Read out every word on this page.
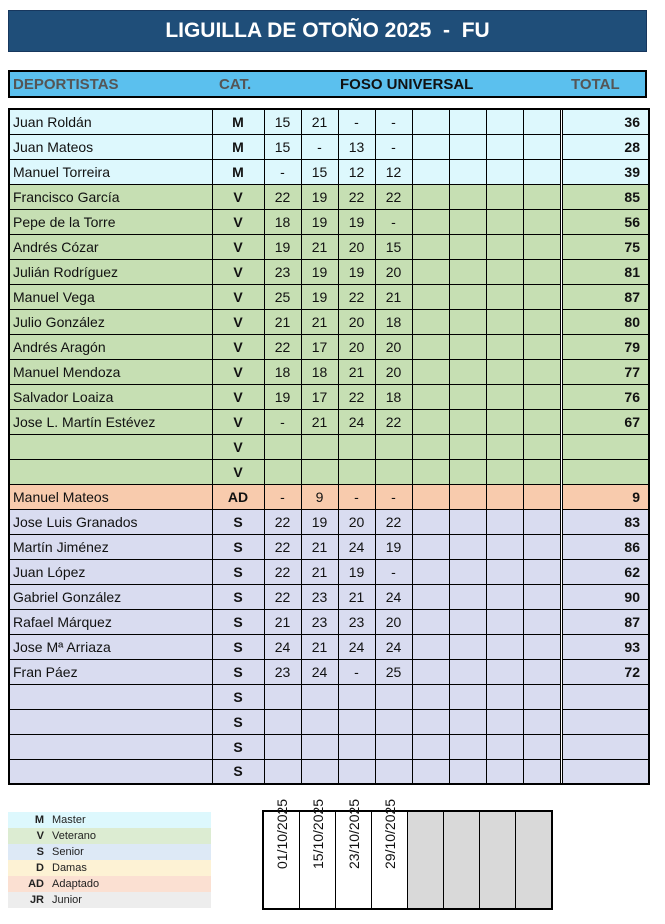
LIGUILLA DE OTOÑO 2025  -  FU
DEPORTISTAS	CAT.	FOSO UNIVERSAL	TOTAL
Juan Roldán	M	15	21	-	-						36
Juan Mateos	M	15	-	13	-						28
Manuel Torreira	M	-	15	12	12						39
Francisco García	V	22	19	22	22						85
Pepe de la Torre	V	18	19	19	-						56
Andrés Cózar	V	19	21	20	15						75
Julián Rodríguez	V	23	19	19	20						81
Manuel Vega	V	25	19	22	21						87
Julio González	V	21	21	20	18						80
Andrés Aragón	V	22	17	20	20						79
Manuel Mendoza	V	18	18	21	20						77
Salvador Loaiza	V	19	17	22	18						76
Jose L. Martín Estévez	V	-	21	24	22						67
	V										
	V										
Manuel Mateos	AD	-	9	-	-						9
Jose Luis Granados	S	22	19	20	22						83
Martín Jiménez	S	22	21	24	19						86
Juan López	S	22	21	19	-						62
Gabriel González	S	22	23	21	24						90
Rafael Márquez	S	21	23	23	20						87
Jose Mª Arriaza	S	24	21	24	24						93
Fran Páez	S	23	24	-	25						72
	S										
	S										
	S										
	S										
M Master
V Veterano
S Senior
D Damas
AD Adaptado
JR Junior
01/10/2025	15/10/2025	23/10/2025	29/10/2025				
